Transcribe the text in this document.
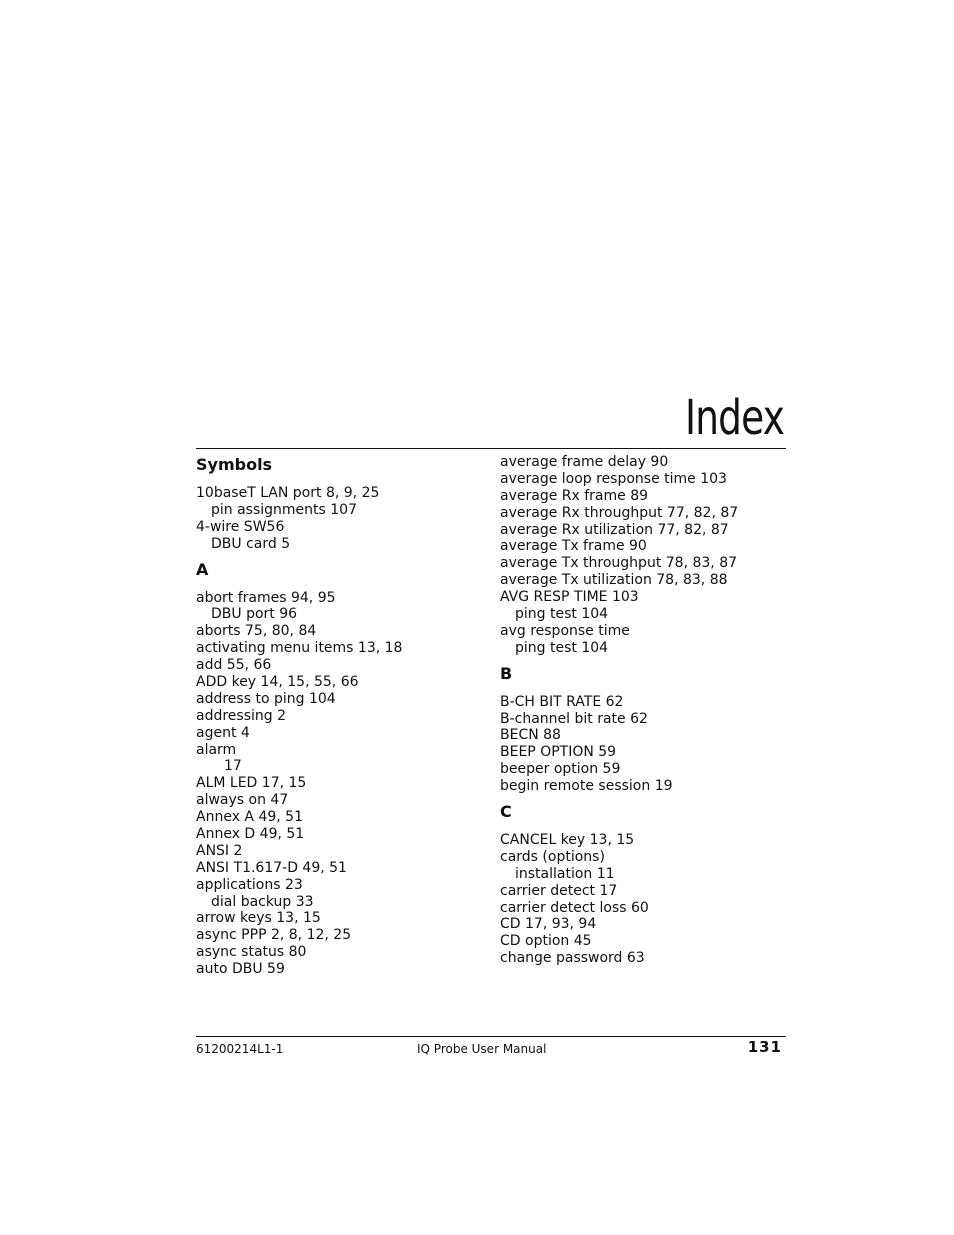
Index
Symbols
10baseT LAN port 8, 9, 25
pin assignments 107
4-wire SW56
DBU card 5
A
abort frames 94, 95
DBU port 96
aborts 75, 80, 84
activating menu items 13, 18
add 55, 66
ADD key 14, 15, 55, 66
address to ping 104
addressing 2
agent 4
alarm
17
ALM LED 17, 15
always on 47
Annex A 49, 51
Annex D 49, 51
ANSI 2
ANSI T1.617-D 49, 51
applications 23
dial backup 33
arrow keys 13, 15
async PPP 2, 8, 12, 25
async status 80
auto DBU 59
average frame delay 90
average loop response time 103
average Rx frame 89
average Rx throughput 77, 82, 87
average Rx utilization 77, 82, 87
average Tx frame 90
average Tx throughput 78, 83, 87
average Tx utilization 78, 83, 88
AVG RESP TIME 103
ping test 104
avg response time
ping test 104
B
B-CH BIT RATE 62
B-channel bit rate 62
BECN 88
BEEP OPTION 59
beeper option 59
begin remote session 19
C
CANCEL key 13, 15
cards (options)
installation 11
carrier detect 17
carrier detect loss 60
CD 17, 93, 94
CD option 45
change password 63
61200214L1-1	IQ Probe User Manual	131
